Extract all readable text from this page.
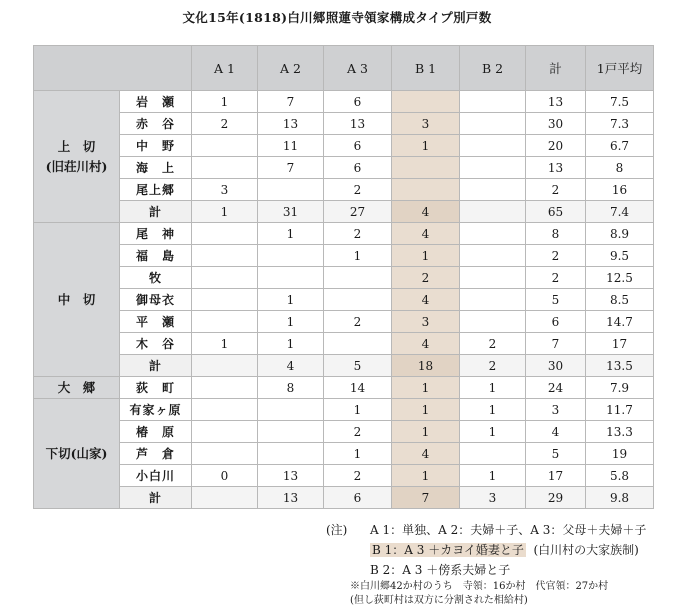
文化15年(1818)白川郷照蓮寺領家構成タイプ別戸数
		A 1	A 2	A 3	B 1	B 2	計	1戸平均

上　切
(旧荘川村)	岩　瀬	1	7	6			13	7.5
	赤　谷	2	13	13	3		30	7.3
	中　野		11	6	1		20	6.7
	海　上		7	6			13	8
	尾上郷	3		2			2	16
	計	1	31	27	4		65	7.4

中　切	尾　神		1	2	4		8	8.9
	福　島			1	1		2	9.5
	牧				2		2	12.5
	御母衣		1		4		5	8.5
	平　瀬		1	2	3		6	14.7
	木　谷	1	1		4	2	7	17
	計		4	5	18	2	30	13.5

大　郷	荻　町		8	14	1	1	24	7.9

下切(山家)	有家ヶ原			1	1	1	3	11.7
	椿　原			2	1	1	4	13.3
	芦　倉			1	4		5	19
	小白川	0	13	2	1	1	17	5.8
	計		13	6	7	3	29	9.8
(注) A 1：単独、A 2：夫婦＋子、A 3：父母＋夫婦＋子
B 1：A 3 ＋カヨイ婚妻と子 (白川村の大家族制)
B 2：A 3 ＋傍系夫婦と子
※白川郷42か村のうち　寺領：16か村　代官領：27か村
(但し荻町村は双方に分割された相給村)
